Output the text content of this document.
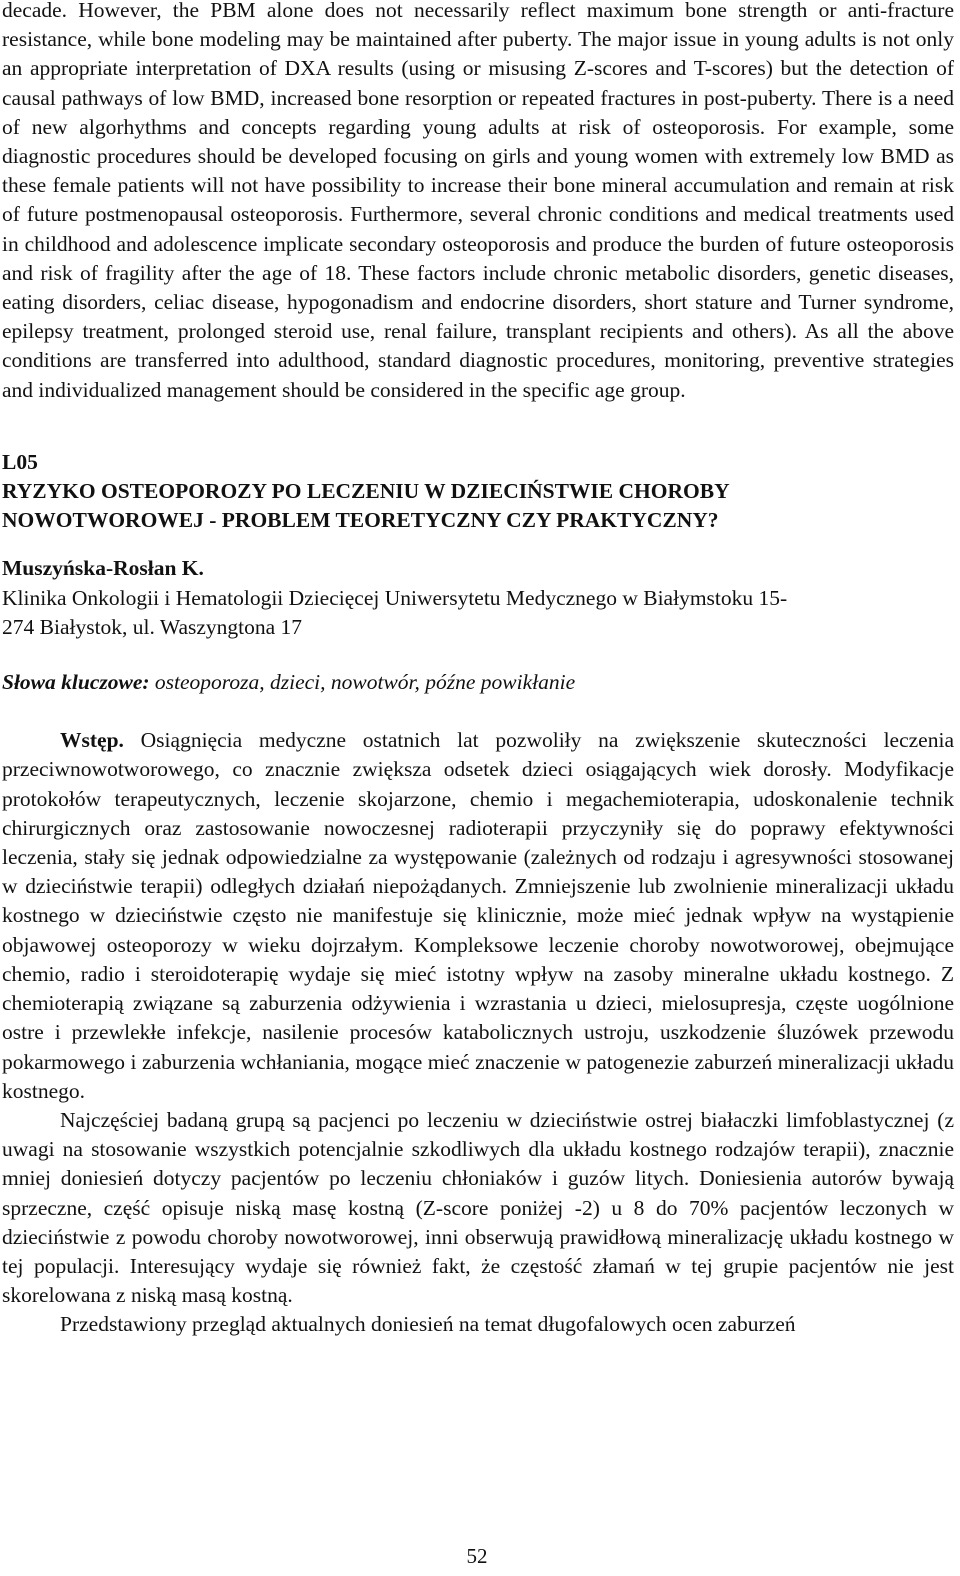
decade. However, the PBM alone does not necessarily reflect maximum bone strength or anti-fracture resistance, while bone modeling may be maintained after puberty. The major issue in young adults is not only an appropriate interpretation of DXA results (using or misusing Z-scores and T-scores) but the detection of causal pathways of low BMD, increased bone resorption or repeated fractures in post-puberty. There is a need of new algorhythms and concepts regarding young adults at risk of osteoporosis. For example, some diagnostic procedures should be developed focusing on girls and young women with extremely low BMD as these female patients will not have possibility to increase their bone mineral accumulation and remain at risk of future postmenopausal osteoporosis. Furthermore, several chronic conditions and medical treatments used in childhood and adolescence implicate secondary osteoporosis and produce the burden of future osteoporosis and risk of fragility after the age of 18. These factors include chronic metabolic disorders, genetic diseases, eating disorders, celiac disease, hypogonadism and endocrine disorders, short stature and Turner syndrome, epilepsy treatment, prolonged steroid use, renal failure, transplant recipients and others). As all the above conditions are transferred into adulthood, standard diagnostic procedures, monitoring, preventive strategies and individualized management should be considered in the specific age group.

L05

RYZYKO OSTEOPOROZY PO LECZENIU W DZIECIŃSTWIE CHOROBY

NOWOTWOROWEJ - PROBLEM TEORETYCZNY CZY PRAKTYCZNY?

Muszyńska-Rosłan K.

Klinika Onkologii i Hematologii Dziecięcej Uniwersytetu Medycznego w Białymstoku 15-

274 Białystok, ul. Waszyngtona 17

Słowa kluczowe: osteoporoza, dzieci, nowotwór, późne powikłanie

Wstęp. Osiągnięcia medyczne ostatnich lat pozwoliły na zwiększenie skuteczności leczenia przeciwnowotworowego, co znacznie zwiększa odsetek dzieci osiągających wiek dorosły. Modyfikacje protokołów terapeutycznych, leczenie skojarzone, chemio i megachemioterapia, udoskonalenie technik chirurgicznych oraz zastosowanie nowoczesnej radioterapii przyczyniły się do poprawy efektywności leczenia, stały się jednak odpowiedzialne za występowanie (zależnych od rodzaju i agresywności stosowanej w dzieciństwie terapii) odległych działań niepożądanych. Zmniejszenie lub zwolnienie mineralizacji układu kostnego w dzieciństwie często nie manifestuje się klinicznie, może mieć jednak wpływ na wystąpienie objawowej osteoporozy w wieku dojrzałym. Kompleksowe leczenie choroby nowotworowej, obejmujące chemio, radio i steroidoterapię wydaje się mieć istotny wpływ na zasoby mineralne układu kostnego. Z chemioterapią związane są zaburzenia odżywienia i wzrastania u dzieci, mielosupresja, częste uogólnione ostre i przewlekłe infekcje, nasilenie procesów katabolicznych ustroju, uszkodzenie śluzówek przewodu pokarmowego i zaburzenia wchłaniania, mogące mieć znaczenie w patogenezie zaburzeń mineralizacji układu kostnego.

Najczęściej badaną grupą są pacjenci po leczeniu w dzieciństwie ostrej białaczki limfoblastycznej (z uwagi na stosowanie wszystkich potencjalnie szkodliwych dla układu kostnego rodzajów terapii), znacznie mniej doniesień dotyczy pacjentów po leczeniu chłoniaków i guzów litych. Doniesienia autorów bywają sprzeczne, część opisuje niską masę kostną (Z-score poniżej -2) u 8 do 70% pacjentów leczonych w dzieciństwie z powodu choroby nowotworowej, inni obserwują prawidłową mineralizację układu kostnego w tej populacji. Interesujący wydaje się również fakt, że częstość złamań w tej grupie pacjentów nie jest skorelowana z niską masą kostną.

Przedstawiony przegląd aktualnych doniesień na temat długofalowych ocen zaburzeń

52
